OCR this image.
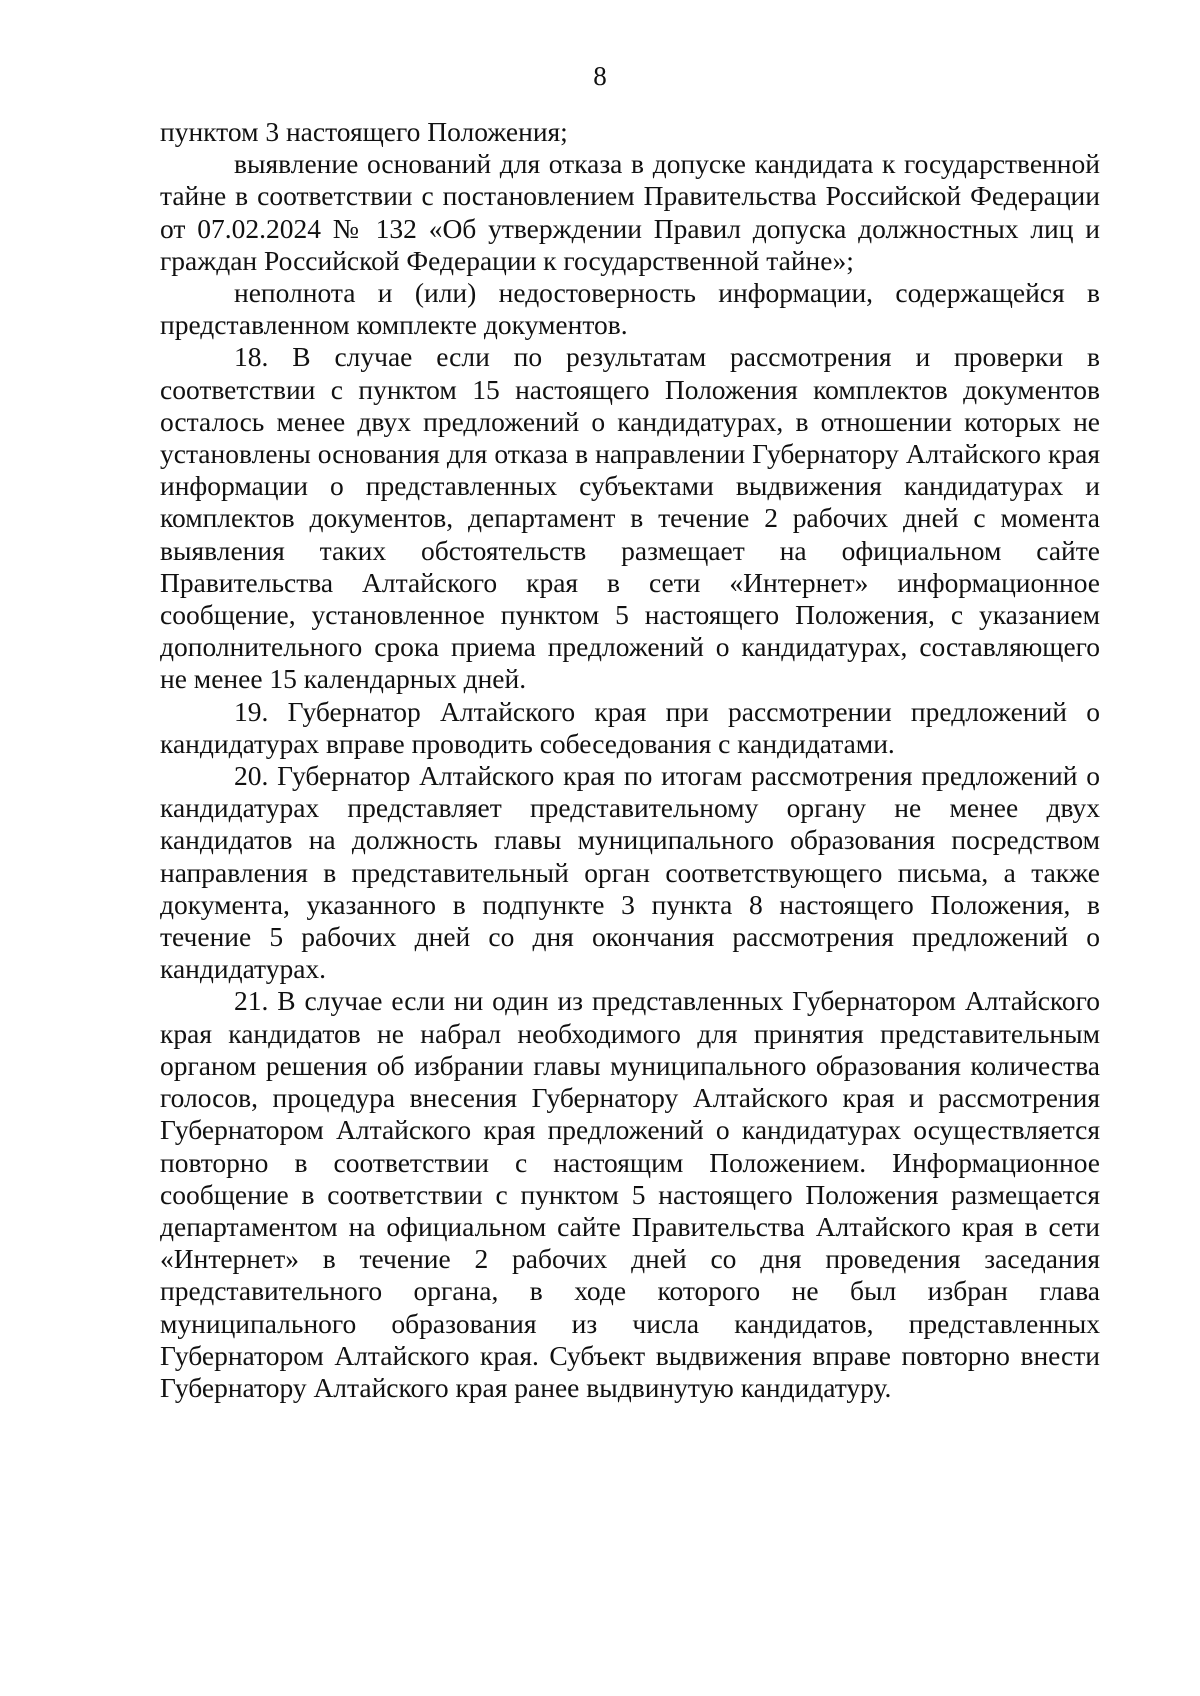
8

пунктом 3 настоящего Положения;

выявление оснований для отказа в допуске кандидата к государственной тайне в соответствии с постановлением Правительства Российской Федерации от 07.02.2024 № 132 «Об утверждении Правил допуска должностных лиц и граждан Российской Федерации к государственной тайне»;

неполнота и (или) недостоверность информации, содержащейся в представленном комплекте документов.

18. В случае если по результатам рассмотрения и проверки в соответствии с пунктом 15 настоящего Положения комплектов документов осталось менее двух предложений о кандидатурах, в отношении которых не установлены основания для отказа в направлении Губернатору Алтайского края информации о представленных субъектами выдвижения кандидатурах и комплектов документов, департамент в течение 2 рабочих дней с момента выявления таких обстоятельств размещает на официальном сайте Правительства Алтайского края в сети «Интернет» информационное сообщение, установленное пунктом 5 настоящего Положения, с указанием дополнительного срока приема предложений о кандидатурах, составляющего не менее 15 календарных дней.

19. Губернатор Алтайского края при рассмотрении предложений о кандидатурах вправе проводить собеседования с кандидатами.

20. Губернатор Алтайского края по итогам рассмотрения предложений о кандидатурах представляет представительному органу не менее двух кандидатов на должность главы муниципального образования посредством направления в представительный орган соответствующего письма, а также документа, указанного в подпункте 3 пункта 8 настоящего Положения, в течение 5 рабочих дней со дня окончания рассмотрения предложений о кандидатурах.

21. В случае если ни один из представленных Губернатором Алтайского края кандидатов не набрал необходимого для принятия представительным органом решения об избрании главы муниципального образования количества голосов, процедура внесения Губернатору Алтайского края и рассмотрения Губернатором Алтайского края предложений о кандидатурах осуществляется повторно в соответствии с настоящим Положением. Информационное сообщение в соответствии с пунктом 5 настоящего Положения размещается департаментом на официальном сайте Правительства Алтайского края в сети «Интернет» в течение 2 рабочих дней со дня проведения заседания представительного органа, в ходе которого не был избран глава муниципального образования из числа кандидатов, представленных Губернатором Алтайского края. Субъект выдвижения вправе повторно внести Губернатору Алтайского края ранее выдвинутую кандидатуру.
